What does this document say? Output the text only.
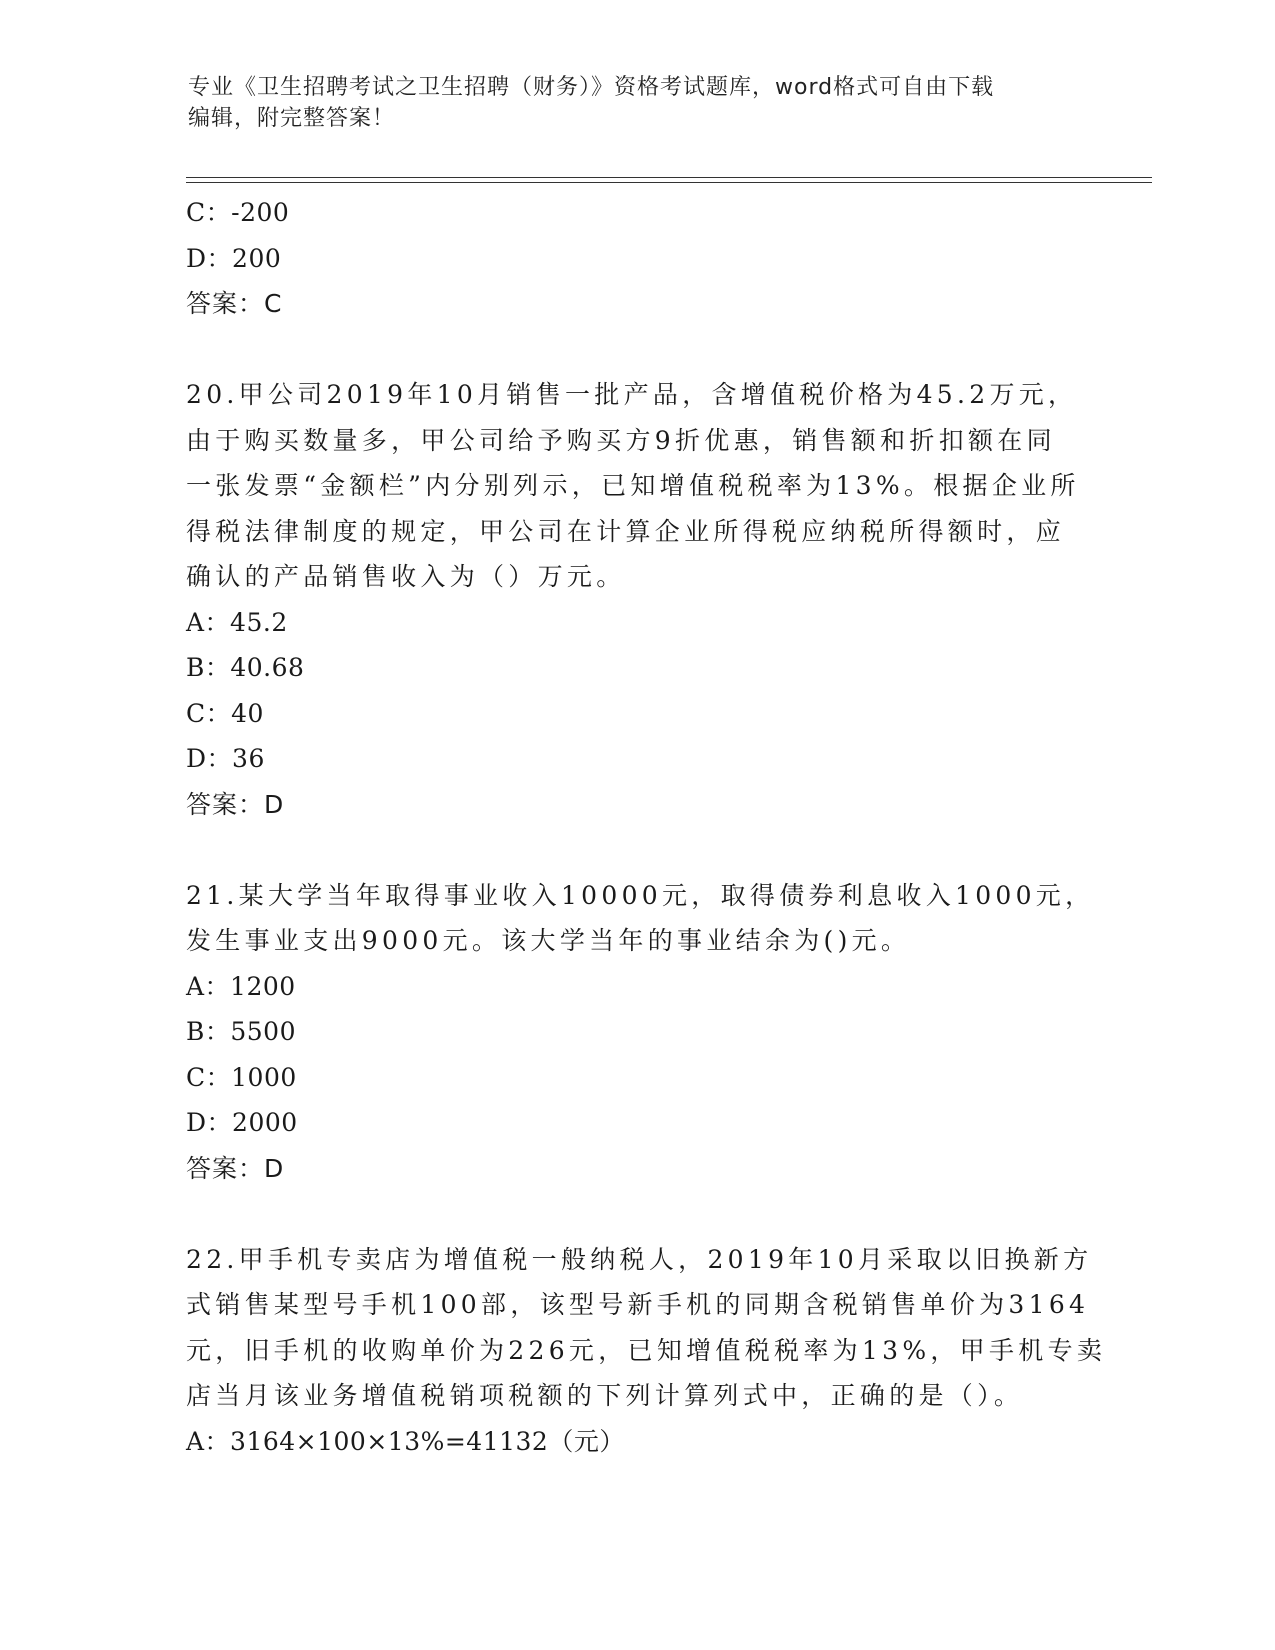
专业《卫生招聘考试之卫生招聘（财务）》资格考试题库，word格式可自由下载
编辑，附完整答案！
C：-200
D：200
答案：C
20.甲公司2019年10月销售一批产品，含增值税价格为45.2万元，
由于购买数量多，甲公司给予购买方9折优惠，销售额和折扣额在同
一张发票“金额栏”内分别列示，已知增值税税率为13%。根据企业所
得税法律制度的规定，甲公司在计算企业所得税应纳税所得额时，应
确认的产品销售收入为（）万元。
A：45.2
B：40.68
C：40
D：36
答案：D
21.某大学当年取得事业收入10000元，取得债券利息收入1000元，
发生事业支出9000元。该大学当年的事业结余为()元。
A：1200
B：5500
C：1000
D：2000
答案：D
22.甲手机专卖店为增值税一般纳税人，2019年10月采取以旧换新方
式销售某型号手机100部，该型号新手机的同期含税销售单价为3164
元，旧手机的收购单价为226元，已知增值税税率为13%，甲手机专卖
店当月该业务增值税销项税额的下列计算列式中，正确的是（）。
A：3164×100×13%=41132（元）
